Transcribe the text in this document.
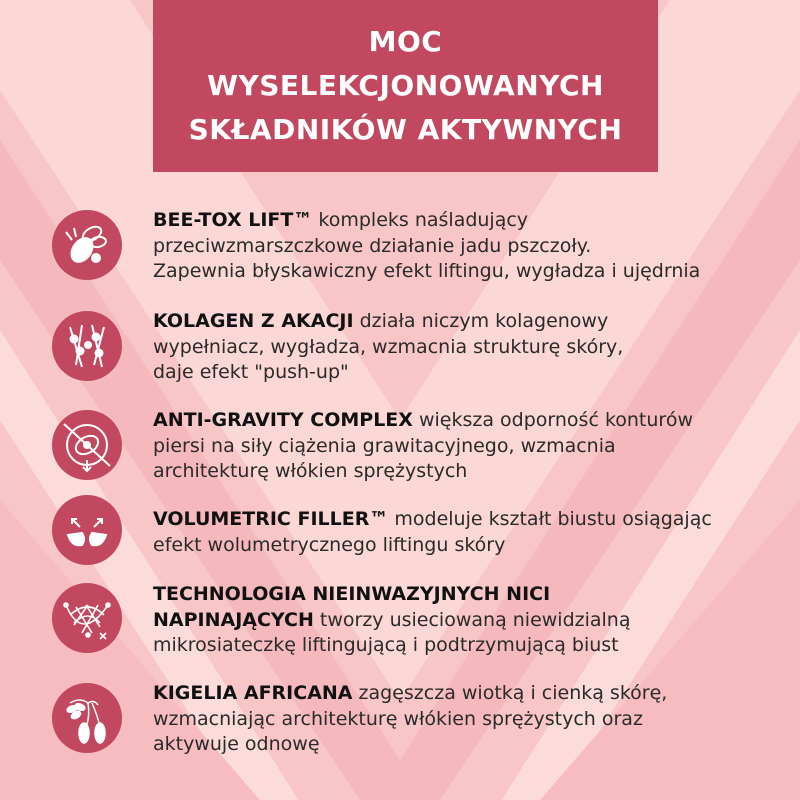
MOC
WYSELEKCJONOWANYCH
SKŁADNIKÓW AKTYWNYCH
BEE-TOX LIFT™ kompleks naśladujący
przeciwzmarszczkowe działanie jadu pszczoły.
Zapewnia błyskawiczny efekt liftingu, wygładza i ujędrnia
KOLAGEN Z AKACJI działa niczym kolagenowy
wypełniacz, wygładza, wzmacnia strukturę skóry,
daje efekt "push-up"
ANTI-GRAVITY COMPLEX większa odporność konturów
piersi na siły ciążenia grawitacyjnego, wzmacnia
architekturę włókien sprężystych
VOLUMETRIC FILLER™ modeluje kształt biustu osiągając
efekt wolumetrycznego liftingu skóry
TECHNOLOGIA NIEINWAZYJNYCH NICI
NAPINAJĄCYCH tworzy usieciowaną niewidzialną
mikrosiateczkę liftingującą i podtrzymującą biust
KIGELIA AFRICANA zagęszcza wiotką i cienką skórę,
wzmacniając architekturę włókien sprężystych oraz
aktywuje odnowę
